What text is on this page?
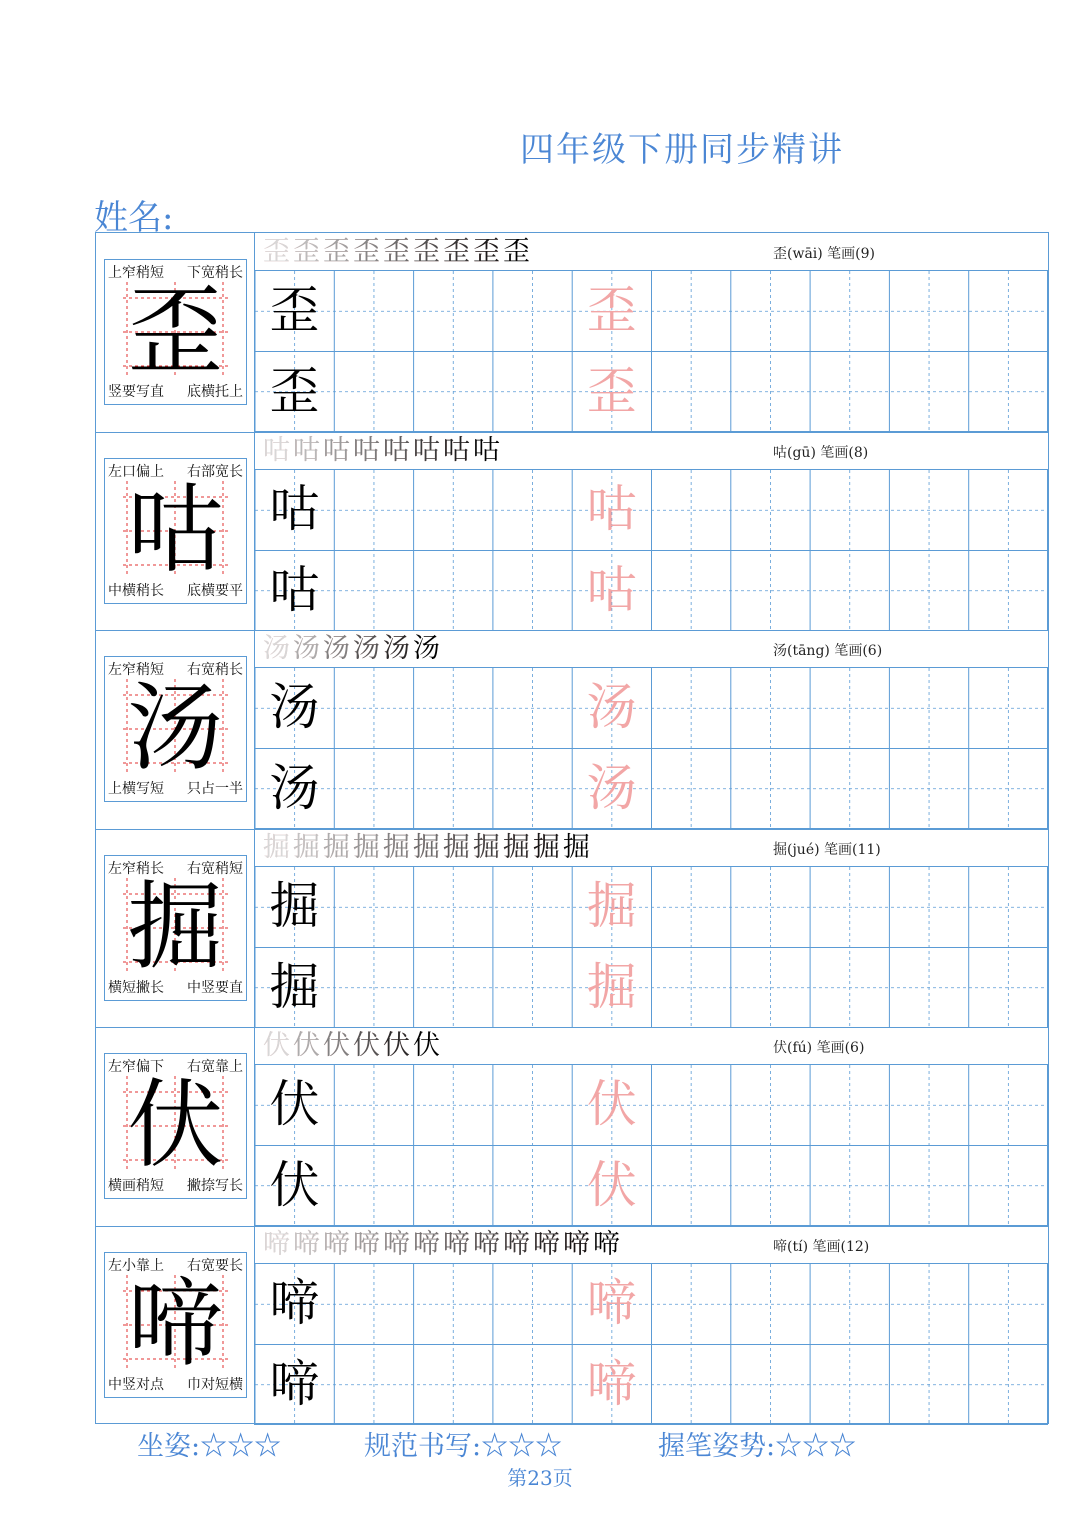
四年级下册同步精讲
姓名:
歪
上窄稍短 下宽稍长
竖要写直 底横托上
歪歪歪歪歪歪歪歪歪	歪(wāi) 笔画(9)
歪	歪
歪	歪
咕
左口偏上 右部宽长
中横稍长 底横要平
咕咕咕咕咕咕咕咕	咕(gū) 笔画(8)
咕	咕
咕	咕
汤
左窄稍短 右宽稍长
上横写短 只占一半
汤汤汤汤汤汤	汤(tāng) 笔画(6)
汤	汤
汤	汤
掘
左窄稍长 右宽稍短
横短撇长 中竖要直
掘掘掘掘掘掘掘掘掘掘掘	掘(jué) 笔画(11)
掘	掘
掘	掘
伏
左窄偏下 右宽靠上
横画稍短 撇捺写长
伏伏伏伏伏伏	伏(fú) 笔画(6)
伏	伏
伏	伏
啼
左小靠上 右宽要长
中竖对点 巾对短横
啼啼啼啼啼啼啼啼啼啼啼啼	啼(tí) 笔画(12)
啼	啼
啼	啼
坐姿:☆☆☆	规范书写:☆☆☆	握笔姿势:☆☆☆
第23页
